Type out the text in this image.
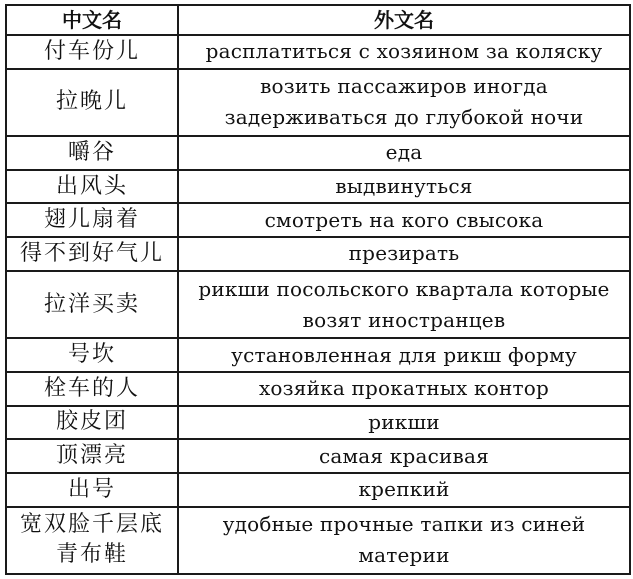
中文名	外文名
付车份儿	расплатиться с хозяином за коляску
拉晚儿	возить пассажиров иногда задерживаться до глубокой ночи
嚼谷	еда
出风头	выдвинуться
翅儿扇着	смотреть на кого свысока
得不到好气儿	презирать
拉洋买卖	рикши посольского квартала которые возят иностранцев
号坎	установленная для рикш форму
栓车的人	хозяйка прокатных контор
胶皮团	рикши
顶漂亮	самая красивая
出号	крепкий
宽双脸千层底青布鞋	удобные прочные тапки из синей материи
